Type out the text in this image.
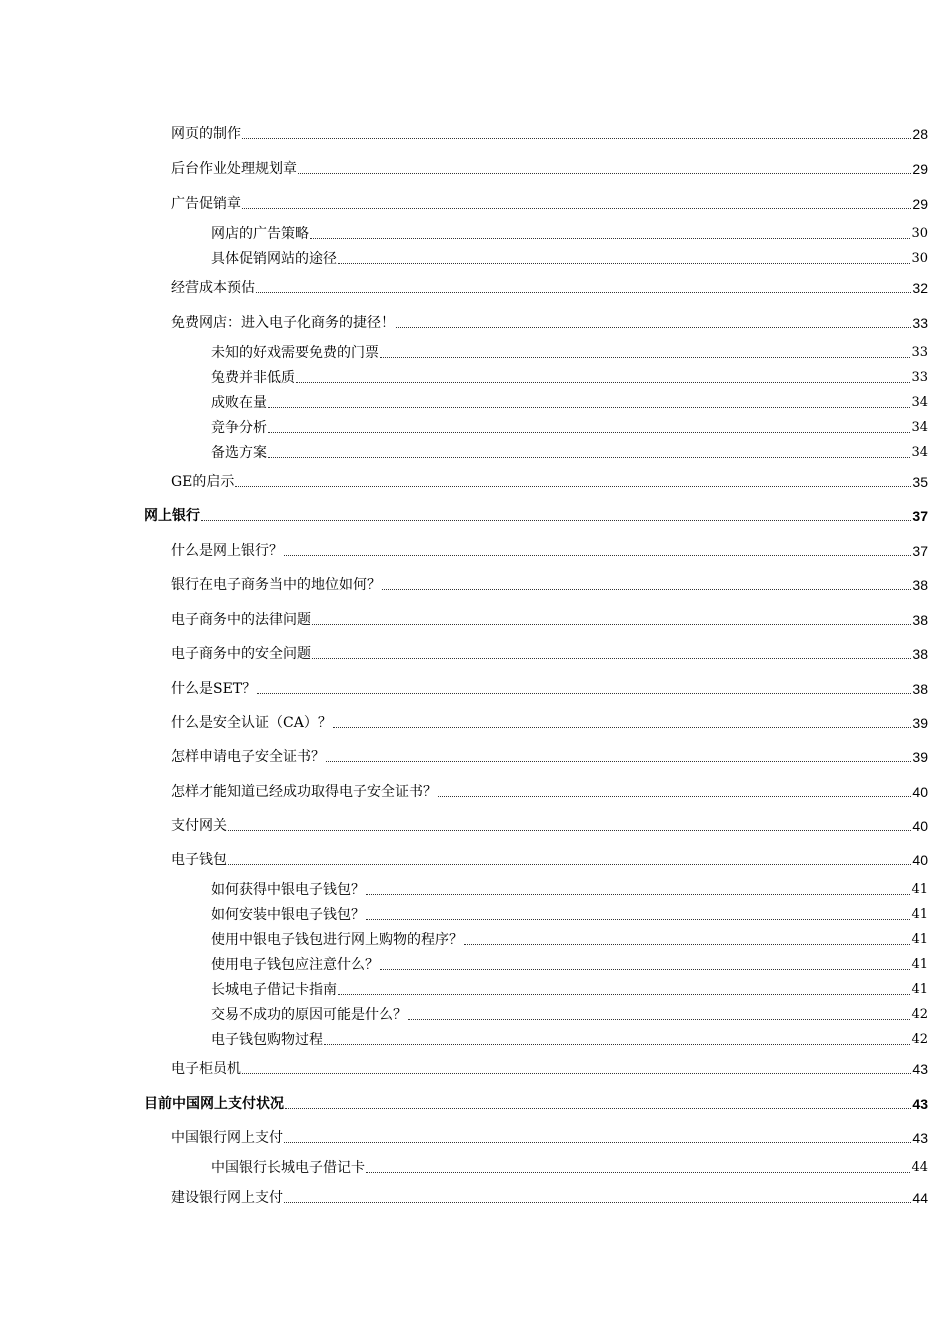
网页的制作	28
后台作业处理规划章	29
广告促销章	29
网店的广告策略	30
具体促销网站的途径	30
经营成本预估	32
免费网店：进入电子化商务的捷径！	33
未知的好戏需要免费的门票	33
兔费并非低质	33
成败在量	34
竞争分析	34
备选方案	34
GE的启示	35
网上银行	37
什么是网上银行？	37
银行在电子商务当中的地位如何？	38
电子商务中的法律问题	38
电子商务中的安全问题	38
什么是SET？	38
什么是安全认证（CA）？	39
怎样申请电子安全证书？	39
怎样才能知道已经成功取得电子安全证书？	40
支付网关	40
电子钱包	40
如何获得中银电子钱包？	41
如何安装中银电子钱包？	41
使用中银电子钱包进行网上购物的程序？	41
使用电子钱包应注意什么？	41
长城电子借记卡指南	41
交易不成功的原因可能是什么？	42
电子钱包购物过程	42
电子柜员机	43
目前中国网上支付状况	43
中国银行网上支付	43
中国银行长城电子借记卡	44
建设银行网上支付	44
